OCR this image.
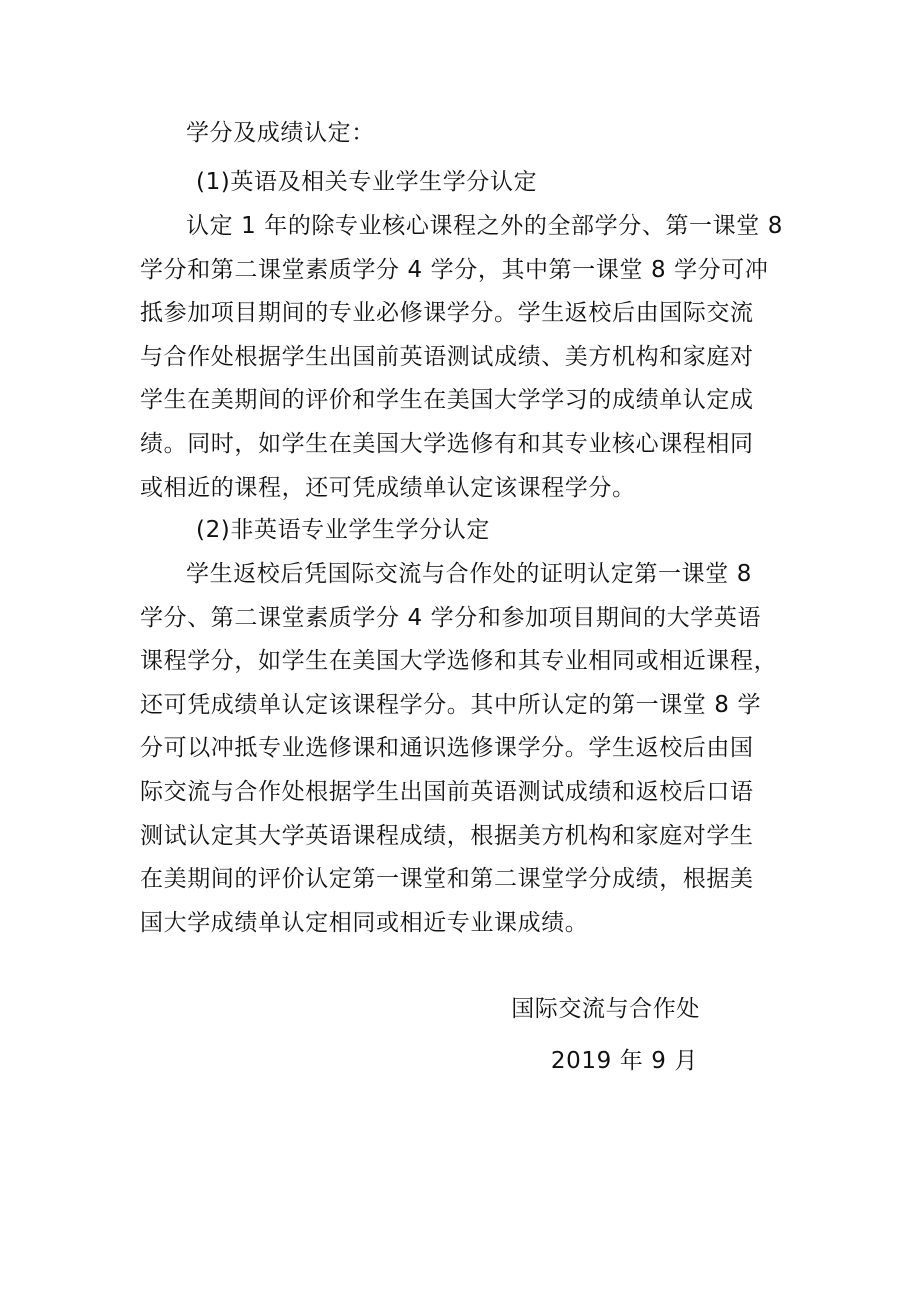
学分及成绩认定：
(1)英语及相关专业学生学分认定
认定 1 年的除专业核心课程之外的全部学分、第一课堂 8
学分和第二课堂素质学分 4 学分，其中第一课堂 8 学分可冲
抵参加项目期间的专业必修课学分。学生返校后由国际交流
与合作处根据学生出国前英语测试成绩、美方机构和家庭对
学生在美期间的评价和学生在美国大学学习的成绩单认定成
绩。同时，如学生在美国大学选修有和其专业核心课程相同
或相近的课程，还可凭成绩单认定该课程学分。
(2)非英语专业学生学分认定
学生返校后凭国际交流与合作处的证明认定第一课堂 8
学分、第二课堂素质学分 4 学分和参加项目期间的大学英语
课程学分，如学生在美国大学选修和其专业相同或相近课程，
还可凭成绩单认定该课程学分。其中所认定的第一课堂 8 学
分可以冲抵专业选修课和通识选修课学分。学生返校后由国
际交流与合作处根据学生出国前英语测试成绩和返校后口语
测试认定其大学英语课程成绩，根据美方机构和家庭对学生
在美期间的评价认定第一课堂和第二课堂学分成绩，根据美
国大学成绩单认定相同或相近专业课成绩。
国际交流与合作处
2019 年 9 月
